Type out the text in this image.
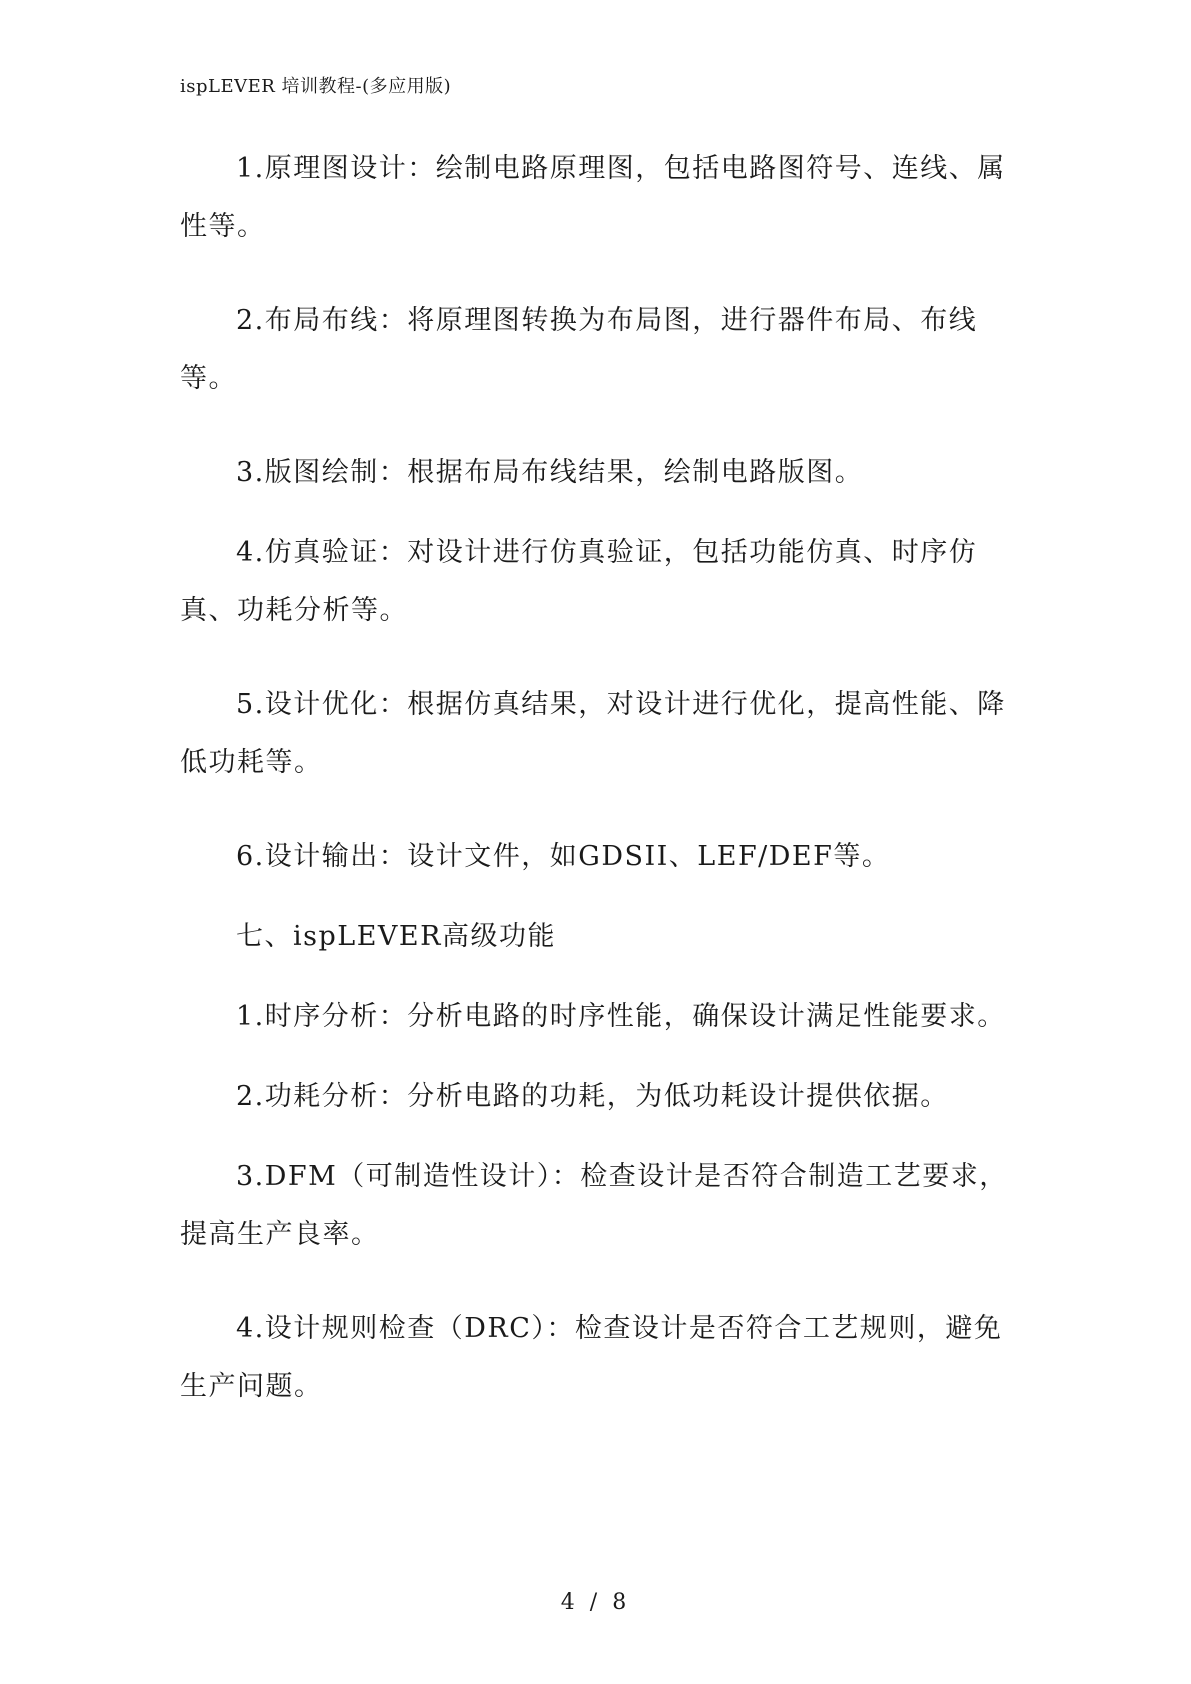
ispLEVER 培训教程-(多应用版)

1.原理图设计：绘制电路原理图，包括电路图符号、连线、属性等。

2.布局布线：将原理图转换为布局图，进行器件布局、布线等。

3.版图绘制：根据布局布线结果，绘制电路版图。

4.仿真验证：对设计进行仿真验证，包括功能仿真、时序仿真、功耗分析等。

5.设计优化：根据仿真结果，对设计进行优化，提高性能、降低功耗等。

6.设计输出：设计文件，如GDSII、LEF/DEF等。

七、ispLEVER高级功能

1.时序分析：分析电路的时序性能，确保设计满足性能要求。

2.功耗分析：分析电路的功耗，为低功耗设计提供依据。

3.DFM（可制造性设计）：检查设计是否符合制造工艺要求，提高生产良率。

4.设计规则检查（DRC）：检查设计是否符合工艺规则，避免生产问题。

4 / 8
